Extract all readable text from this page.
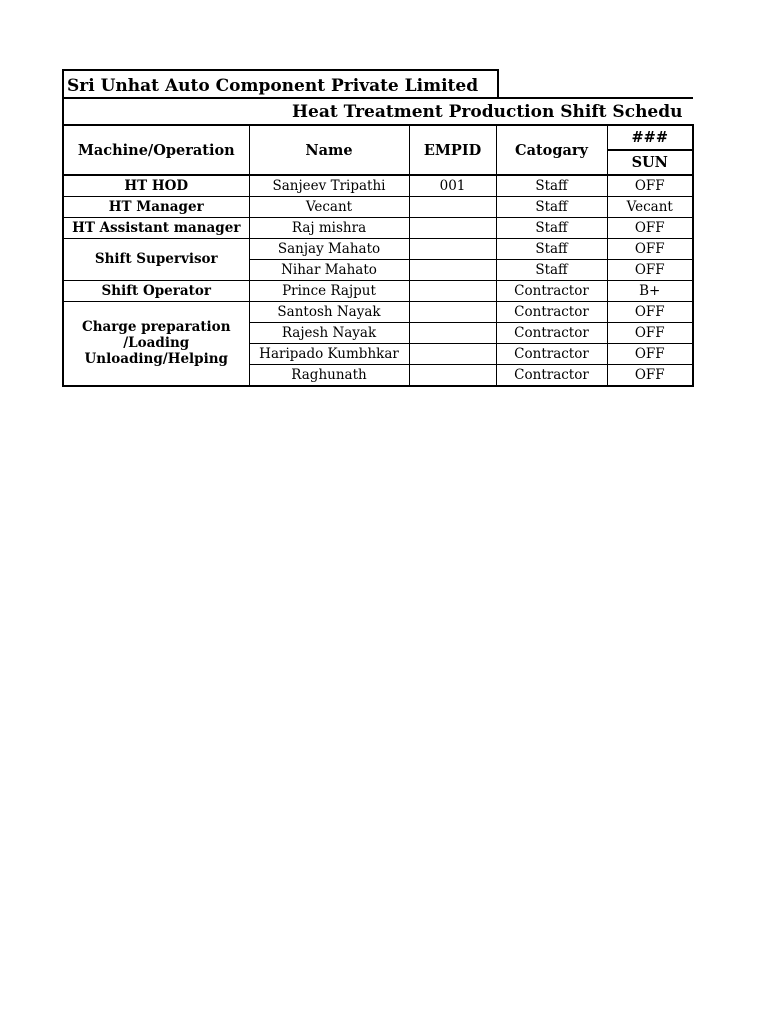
Sri Unhat Auto Component Private Limited
Heat Treatment Production Shift Schedu
Machine/Operation	Name	EMPID	Catogary	###
				SUN
HT HOD	Sanjeev Tripathi	001	Staff	OFF
HT Manager	Vecant		Staff	Vecant
HT Assistant manager	Raj mishra		Staff	OFF
Shift Supervisor	Sanjay Mahato		Staff	OFF
	Nihar Mahato		Staff	OFF
Shift Operator	Prince Rajput		Contractor	B+

Charge preparation
/Loading
Unloading/Helping	Santosh Nayak		Contractor	OFF
	Rajesh Nayak		Contractor	OFF
	Haripado Kumbhkar		Contractor	OFF
	Raghunath		Contractor	OFF
